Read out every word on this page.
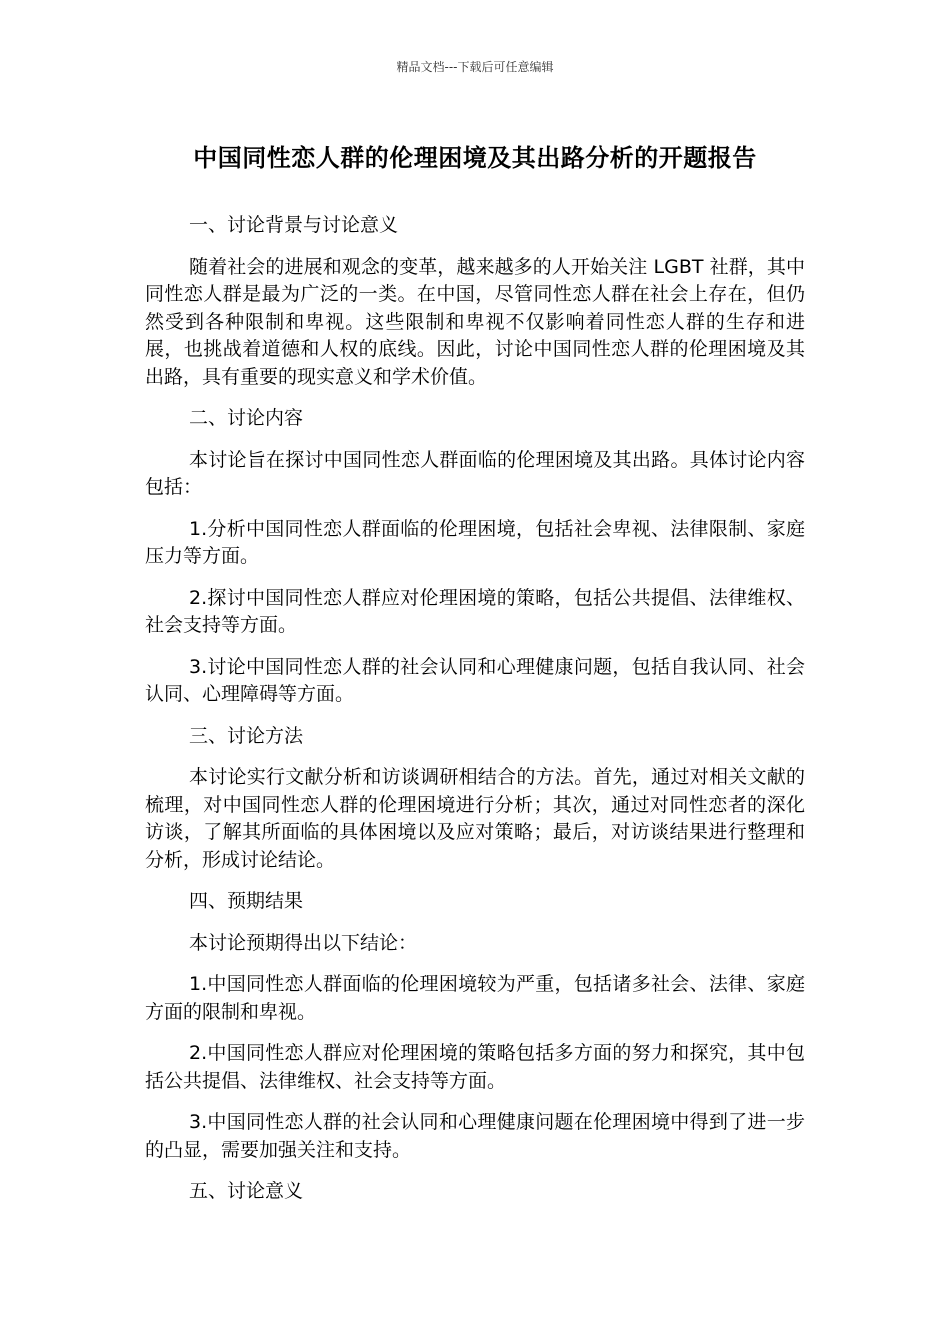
精品文档---下载后可任意编辑
中国同性恋人群的伦理困境及其出路分析的开题报告
一、讨论背景与讨论意义
随着社会的进展和观念的变革，越来越多的人开始关注 LGBT 社群，其中同性恋人群是最为广泛的一类。在中国，尽管同性恋人群在社会上存在，但仍然受到各种限制和卑视。这些限制和卑视不仅影响着同性恋人群的生存和进展，也挑战着道德和人权的底线。因此，讨论中国同性恋人群的伦理困境及其出路，具有重要的现实意义和学术价值。
二、讨论内容
本讨论旨在探讨中国同性恋人群面临的伦理困境及其出路。具体讨论内容包括：
1.分析中国同性恋人群面临的伦理困境，包括社会卑视、法律限制、家庭压力等方面。
2.探讨中国同性恋人群应对伦理困境的策略，包括公共提倡、法律维权、社会支持等方面。
3.讨论中国同性恋人群的社会认同和心理健康问题，包括自我认同、社会认同、心理障碍等方面。
三、讨论方法
本讨论实行文献分析和访谈调研相结合的方法。首先，通过对相关文献的梳理，对中国同性恋人群的伦理困境进行分析；其次，通过对同性恋者的深化访谈，了解其所面临的具体困境以及应对策略；最后，对访谈结果进行整理和分析，形成讨论结论。
四、预期结果
本讨论预期得出以下结论：
1.中国同性恋人群面临的伦理困境较为严重，包括诸多社会、法律、家庭方面的限制和卑视。
2.中国同性恋人群应对伦理困境的策略包括多方面的努力和探究，其中包括公共提倡、法律维权、社会支持等方面。
3.中国同性恋人群的社会认同和心理健康问题在伦理困境中得到了进一步的凸显，需要加强关注和支持。
五、讨论意义
